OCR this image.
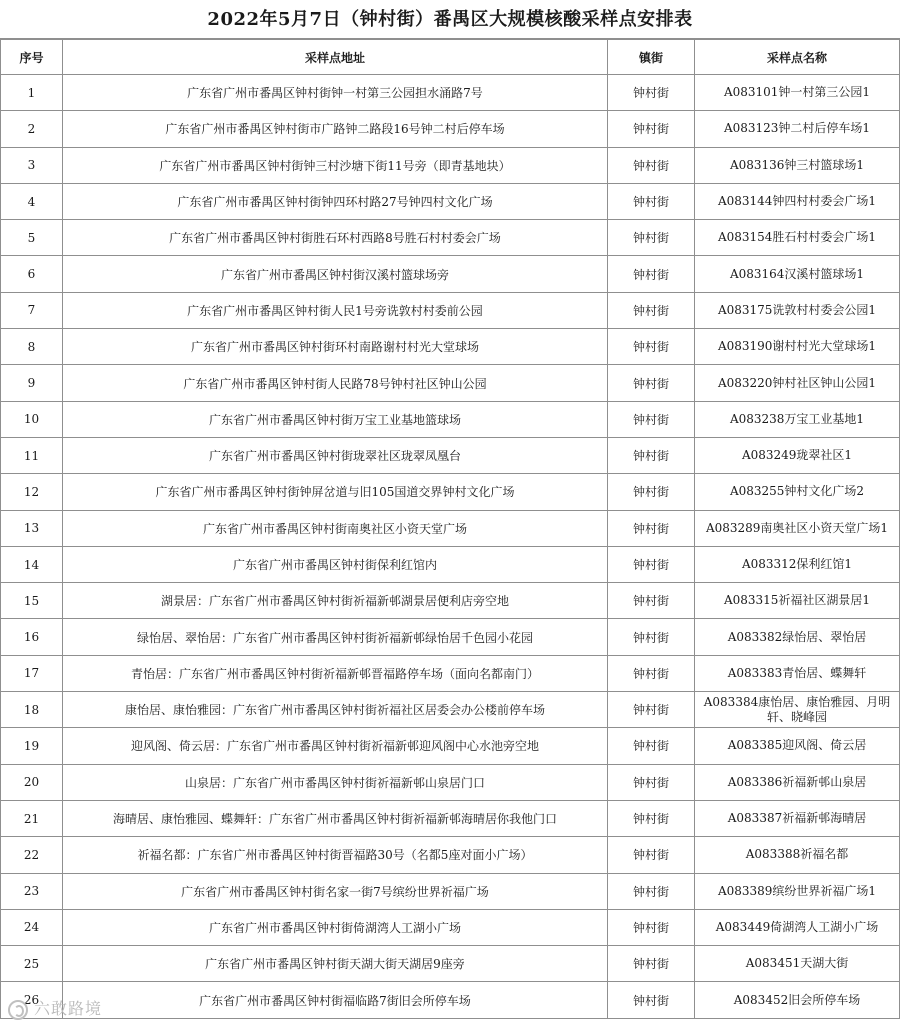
2022年5月7日（钟村街）番禺区大规模核酸采样点安排表
序号	采样点地址	镇街	采样点名称
1	广东省广州市番禺区钟村街钟一村第三公园担水涌路7号	钟村街	A083101钟一村第三公园1
2	广东省广州市番禺区钟村街市广路钟二路段16号钟二村后停车场	钟村街	A083123钟二村后停车场1
3	广东省广州市番禺区钟村街钟三村沙塘下街11号旁（即青基地块）	钟村街	A083136钟三村篮球场1
4	广东省广州市番禺区钟村街钟四环村路27号钟四村文化广场	钟村街	A083144钟四村村委会广场1
5	广东省广州市番禺区钟村街胜石环村西路8号胜石村村委会广场	钟村街	A083154胜石村村委会广场1
6	广东省广州市番禺区钟村街汉溪村篮球场旁	钟村街	A083164汉溪村篮球场1
7	广东省广州市番禺区钟村街人民1号旁诜敦村村委前公园	钟村街	A083175诜敦村村委会公园1
8	广东省广州市番禺区钟村街环村南路谢村村光大堂球场	钟村街	A083190谢村村光大堂球场1
9	广东省广州市番禺区钟村街人民路78号钟村社区钟山公园	钟村街	A083220钟村社区钟山公园1
10	广东省广州市番禺区钟村街万宝工业基地篮球场	钟村街	A083238万宝工业基地1
11	广东省广州市番禺区钟村街珑翠社区珑翠凤凰台	钟村街	A083249珑翠社区1
12	广东省广州市番禺区钟村街钟屏岔道与旧105国道交界钟村文化广场	钟村街	A083255钟村文化广场2
13	广东省广州市番禺区钟村街南奥社区小资天堂广场	钟村街	A083289南奥社区小资天堂广场1
14	广东省广州市番禺区钟村街保利红馆内	钟村街	A083312保利红馆1
15	湖景居：广东省广州市番禺区钟村街祈福新邨湖景居便利店旁空地	钟村街	A083315祈福社区湖景居1
16	绿怡居、翠怡居：广东省广州市番禺区钟村街祈福新邨绿怡居千色园小花园	钟村街	A083382绿怡居、翠怡居
17	青怡居：广东省广州市番禺区钟村街祈福新邨晋福路停车场（面向名都南门）	钟村街	A083383青怡居、蝶舞轩
18	康怡居、康怡雅园：广东省广州市番禺区钟村街祈福社区居委会办公楼前停车场	钟村街	A083384康怡居、康怡雅园、月明轩、晓峰园
19	迎风阁、倚云居：广东省广州市番禺区钟村街祈福新邨迎风阁中心水池旁空地	钟村街	A083385迎风阁、倚云居
20	山泉居：广东省广州市番禺区钟村街祈福新邨山泉居门口	钟村街	A083386祈福新邨山泉居
21	海晴居、康怡雅园、蝶舞轩：广东省广州市番禺区钟村街祈福新邨海晴居你我他门口	钟村街	A083387祈福新邨海晴居
22	祈福名都：广东省广州市番禺区钟村街晋福路30号（名都5座对面小广场）	钟村街	A083388祈福名都
23	广东省广州市番禺区钟村街名家一街7号缤纷世界祈福广场	钟村街	A083389缤纷世界祈福广场1
24	广东省广州市番禺区钟村街倚湖湾人工湖小广场	钟村街	A083449倚湖湾人工湖小广场
25	广东省广州市番禺区钟村街天湖大街天湖居9座旁	钟村街	A083451天湖大街
26	广东省广州市番禺区钟村街福临路7街旧会所停车场	钟村街	A083452旧会所停车场
六敢路境
